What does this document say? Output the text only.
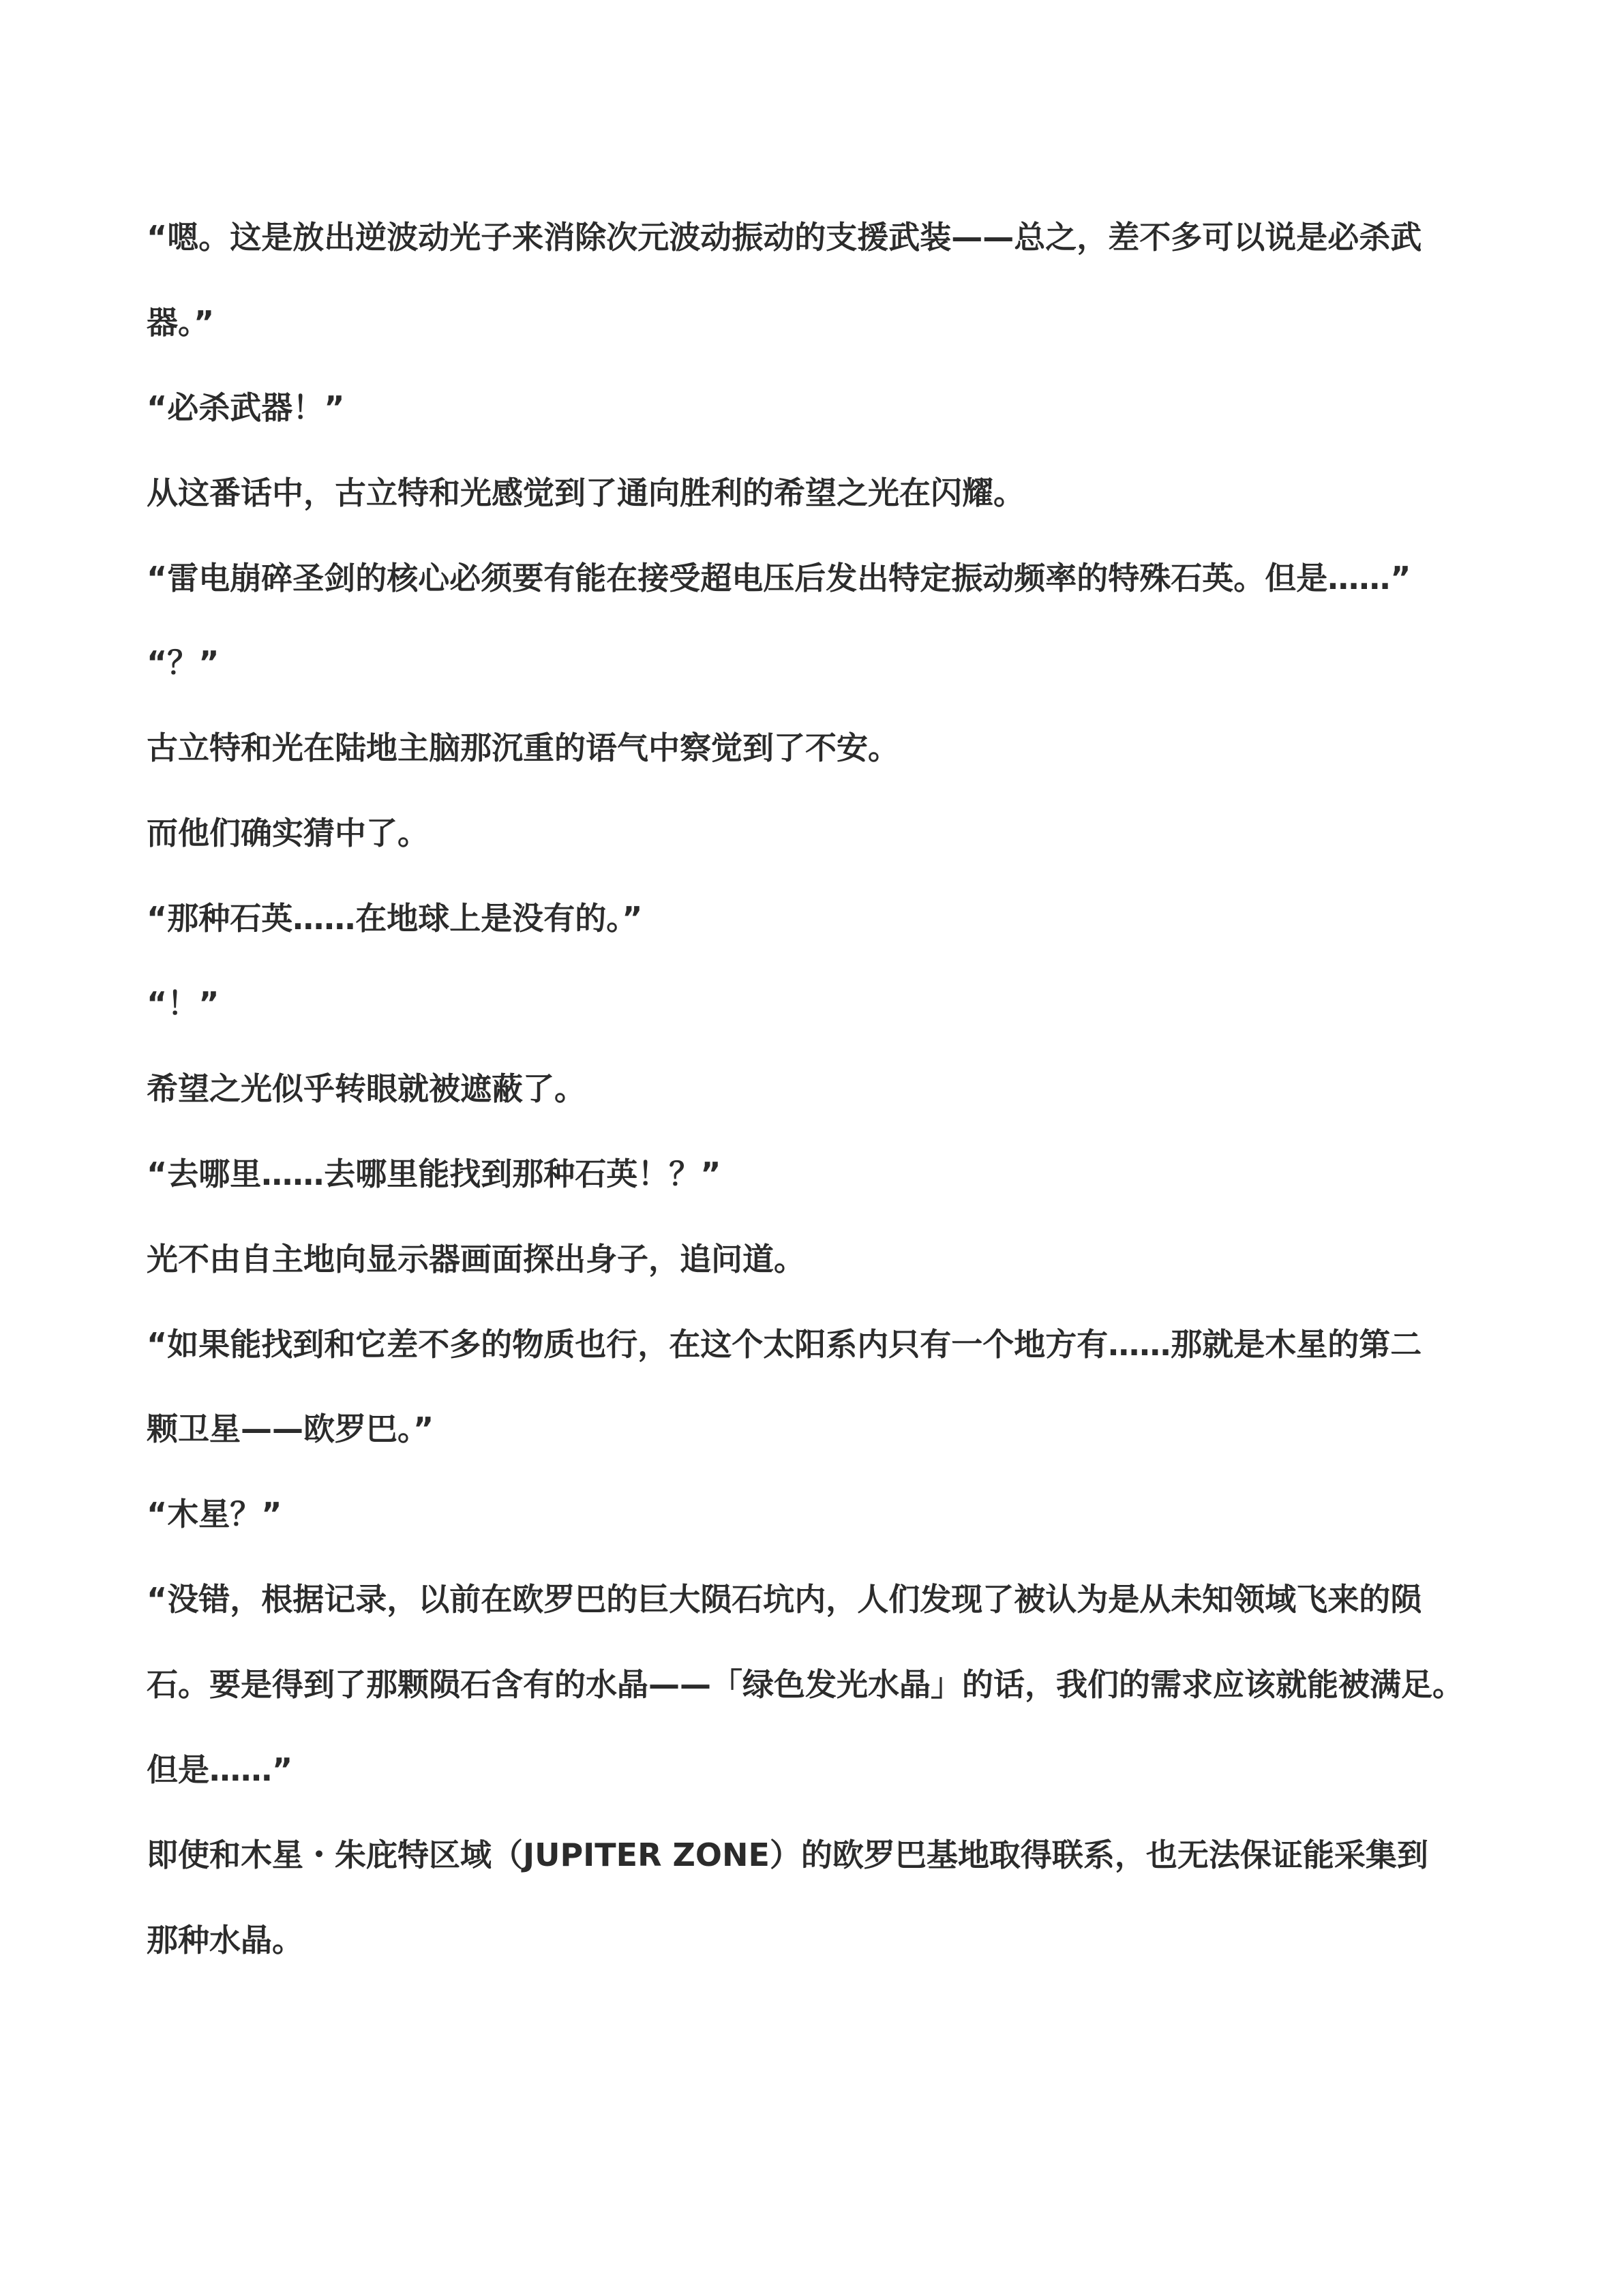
“嗯。这是放出逆波动光子来消除次元波动振动的支援武装——总之，差不多可以说是必杀武
器。”
“必杀武器！”
从这番话中，古立特和光感觉到了通向胜利的希望之光在闪耀。
“雷电崩碎圣剑的核心必须要有能在接受超电压后发出特定振动频率的特殊石英。但是……”
“？”
古立特和光在陆地主脑那沉重的语气中察觉到了不安。
而他们确实猜中了。
“那种石英……在地球上是没有的。”
“！”
希望之光似乎转眼就被遮蔽了。
“去哪里……去哪里能找到那种石英！？”
光不由自主地向显示器画面探出身子，追问道。
“如果能找到和它差不多的物质也行，在这个太阳系内只有一个地方有……那就是木星的第二
颗卫星——欧罗巴。”
“木星？”
“没错，根据记录，以前在欧罗巴的巨大陨石坑内，人们发现了被认为是从未知领域飞来的陨
石。要是得到了那颗陨石含有的水晶——「绿色发光水晶」的话，我们的需求应该就能被满足。
但是……”
即使和木星・朱庇特区域（JUPITER ZONE）的欧罗巴基地取得联系，也无法保证能采集到
那种水晶。
